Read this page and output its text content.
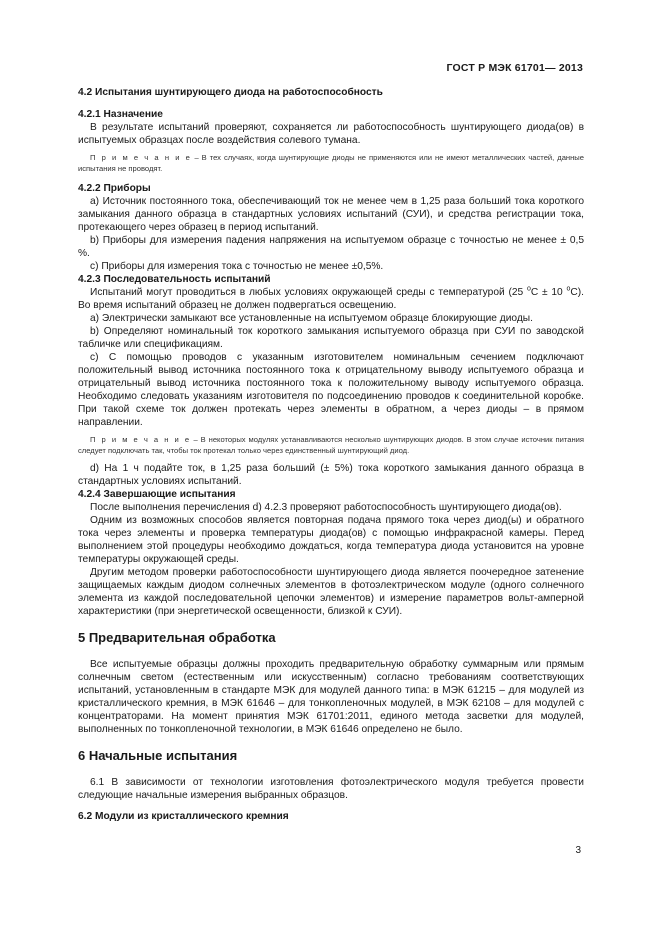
ГОСТ Р МЭК 61701— 2013

4.2 Испытания шунтирующего диода на работоспособность

4.2.1 Назначение

В результате испытаний проверяют, сохраняется ли работоспособность шунтирующего диода(ов) в испытуемых образцах после воздействия солевого тумана.

П р и м е ч а н и е – В тех случаях, когда шунтирующие диоды не применяются или не имеют металлических частей, данные испытания не проводят.

4.2.2 Приборы

a) Источник постоянного тока, обеспечивающий ток не менее чем в 1,25 раза больший тока короткого замыкания данного образца в стандартных условиях испытаний (СУИ), и средства регистрации тока, протекающего через образец в период испытаний.

b) Приборы для измерения падения напряжения на испытуемом образце с точностью не менее ± 0,5 %.

c) Приборы для измерения тока с точностью не менее ±0,5%.

4.2.3 Последовательность испытаний

Испытаний могут проводиться в любых условиях окружающей среды с температурой (25 $^о$С ± 10 $^о$С). Во время испытаний образец не должен подвергаться освещению.

a) Электрически замыкают все установленные на испытуемом образце блокирующие диоды.

b) Определяют номинальный ток короткого замыкания испытуемого образца при СУИ по заводской табличке или спецификациям.

c) С помощью проводов с указанным изготовителем номинальным сечением подключают положительный вывод источника постоянного тока к отрицательному выводу испытуемого образца и отрицательный вывод источника постоянного тока к положительному выводу испытуемого образца. Необходимо следовать указаниям изготовителя по подсоединению проводов к соединительной коробке. При такой схеме ток должен протекать через элементы в обратном, а через диоды – в прямом направлении.

П р и м е ч а н и е – В некоторых модулях устанавливаются несколько шунтирующих диодов. В этом случае источник питания следует подключать так, чтобы ток протекал только через единственный шунтирующий диод.

d) На 1 ч подайте ток, в 1,25 раза больший (± 5%) тока короткого замыкания данного образца в стандартных условиях испытаний.

4.2.4 Завершающие испытания

После выполнения перечисления d) 4.2.3 проверяют работоспособность шунтирующего диода(ов).

Одним из возможных способов является повторная подача прямого тока через диод(ы) и обратного тока через элементы и проверка температуры диода(ов) с помощью инфракрасной камеры. Перед выполнением этой процедуры необходимо дождаться, когда температура диода установится на уровне температуры окружающей среды.

Другим методом проверки работоспособности шунтирующего диода является поочередное затенение защищаемых каждым диодом солнечных элементов в фотоэлектрическом модуле (одного солнечного элемента из каждой последовательной цепочки элементов) и измерение параметров вольт-амперной характеристики (при энергетической освещенности, близкой к СУИ).

5 Предварительная обработка

Все испытуемые образцы должны проходить предварительную обработку суммарным или прямым солнечным светом (естественным или искусственным) согласно требованиям соответствующих испытаний, установленным в стандарте МЭК для модулей данного типа: в МЭК 61215 – для модулей из кристаллического кремния, в МЭК 61646 – для тонкопленочных модулей, в МЭК 62108 – для модулей с концентраторами. На момент принятия МЭК 61701:2011, единого метода засветки для модулей, выполненных по тонкопленочной технологии, в МЭК 61646 определено не было.

6 Начальные испытания

6.1 В зависимости от технологии изготовления фотоэлектрического модуля требуется провести следующие начальные измерения выбранных образцов.

6.2 Модули из кристаллического кремния

3
